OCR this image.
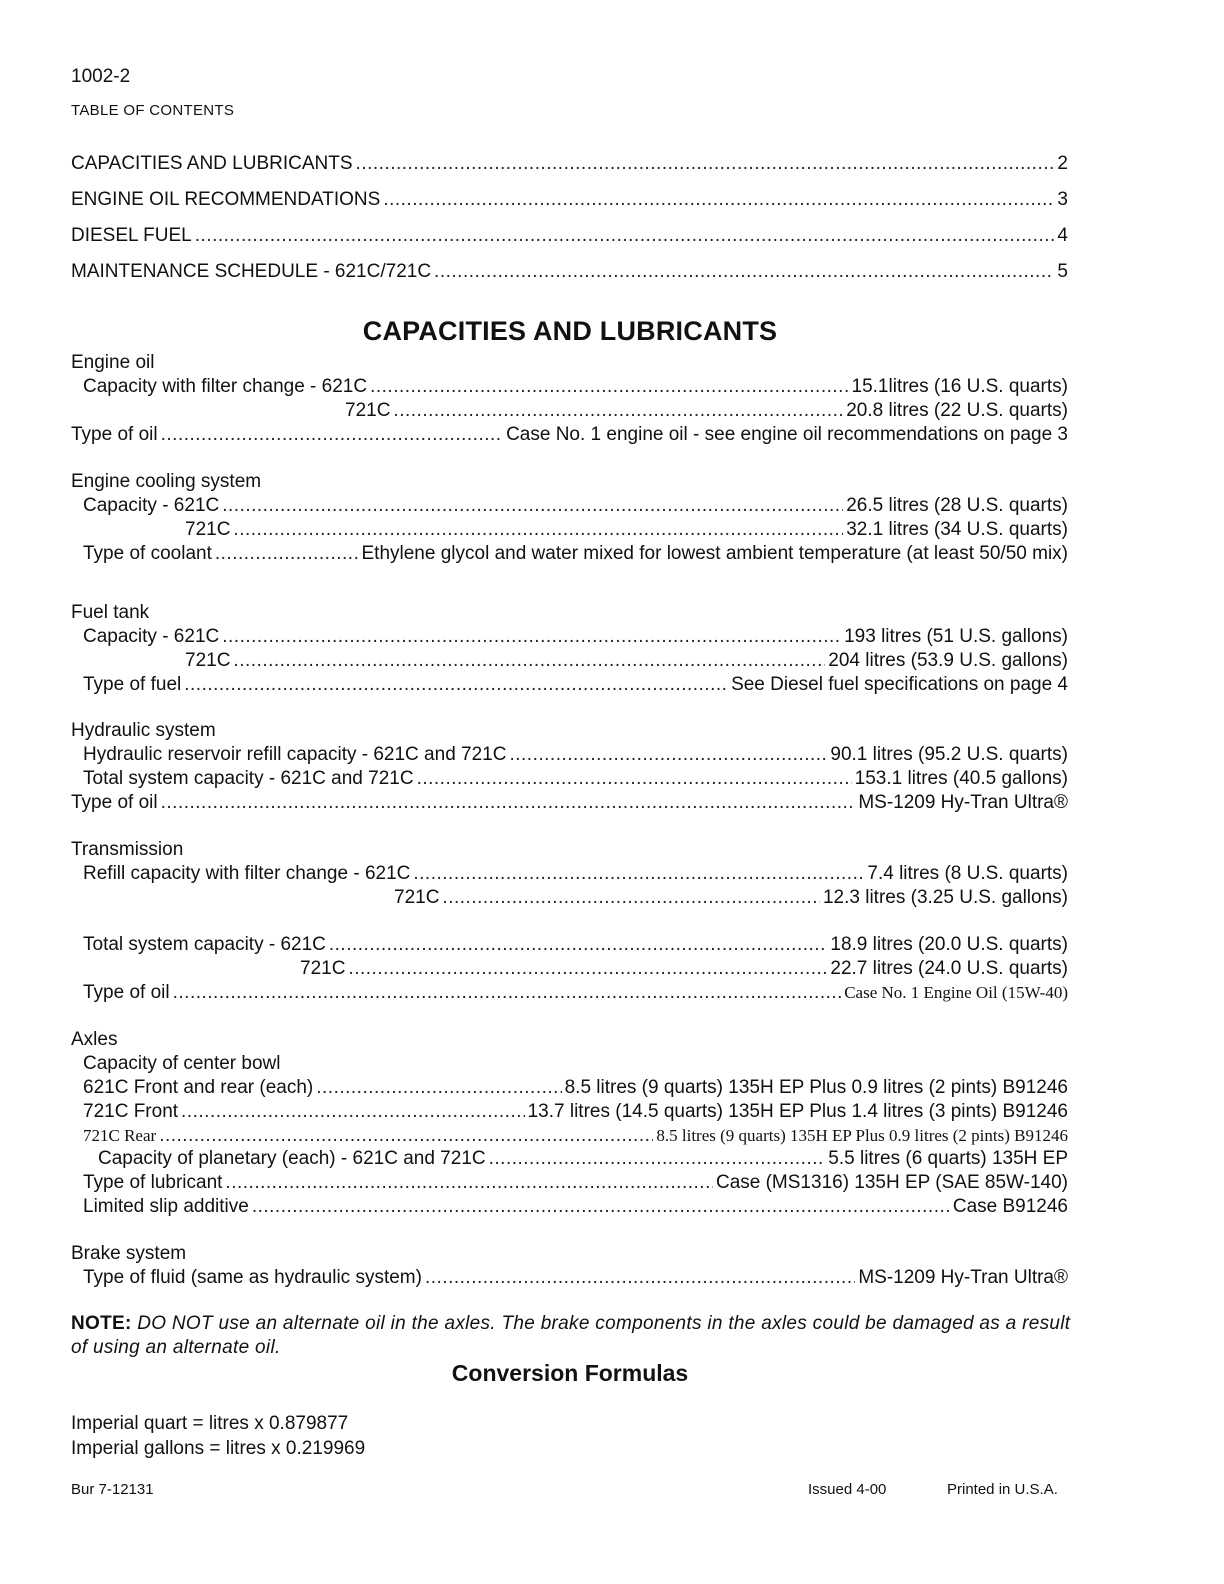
1002-2
TABLE OF CONTENTS
CAPACITIES AND LUBRICANTS .....	2
ENGINE OIL RECOMMENDATIONS .....	3
DIESEL FUEL .....	4
MAINTENANCE SCHEDULE - 621C/721C .....	5
CAPACITIES AND LUBRICANTS
Engine oil
Capacity with filter change - 621C .....	15.1litres (16 U.S. quarts)
721C .....	20.8 litres (22 U.S. quarts)
Type of oil .....	Case No. 1 engine oil - see engine oil recommendations on page 3
Engine cooling system
Capacity - 621C .....	26.5 litres (28 U.S. quarts)
721C .....	32.1 litres (34 U.S. quarts)
Type of coolant .....	Ethylene glycol and water mixed for lowest ambient temperature (at least 50/50 mix)
Fuel tank
Capacity - 621C .....	193 litres (51 U.S. gallons)
721C .....	204 litres (53.9 U.S. gallons)
Type of fuel .....	See Diesel fuel specifications on page 4
Hydraulic system
Hydraulic reservoir refill capacity - 621C and 721C .....	90.1 litres (95.2 U.S. quarts)
Total system capacity - 621C and 721C .....	153.1 litres (40.5 gallons)
Type of oil .....	MS-1209 Hy-Tran Ultra®
Transmission
Refill capacity with filter change - 621C .....	7.4 litres (8 U.S. quarts)
721C .....	12.3 litres (3.25 U.S. gallons)
Total system capacity - 621C .....	18.9 litres (20.0 U.S. quarts)
721C .....	22.7 litres (24.0 U.S. quarts)
Type of oil .....	Case No. 1 Engine Oil (15W-40)
Axles
Capacity of center bowl
621C Front and rear (each) .....	8.5 litres (9 quarts) 135H EP Plus 0.9 litres (2 pints) B91246
721C Front .....	13.7 litres (14.5 quarts) 135H EP Plus 1.4 litres (3 pints) B91246
721C Rear .....	8.5 litres (9 quarts) 135H EP Plus 0.9 litres (2 pints) B91246
Capacity of planetary (each) - 621C and 721C .....	5.5 litres (6 quarts) 135H EP
Type of lubricant .....	Case (MS1316) 135H EP (SAE 85W-140)
Limited slip additive .....	Case B91246
Brake system
Type of fluid (same as hydraulic system) .....	MS-1209 Hy-Tran Ultra®
NOTE: DO NOT use an alternate oil in the axles. The brake components in the axles could be damaged as a result of using an alternate oil.
Conversion Formulas
Imperial quart = litres x 0.879877
Imperial gallons = litres x 0.219969
Bur 7-12131	Issued 4-00	Printed in U.S.A.
